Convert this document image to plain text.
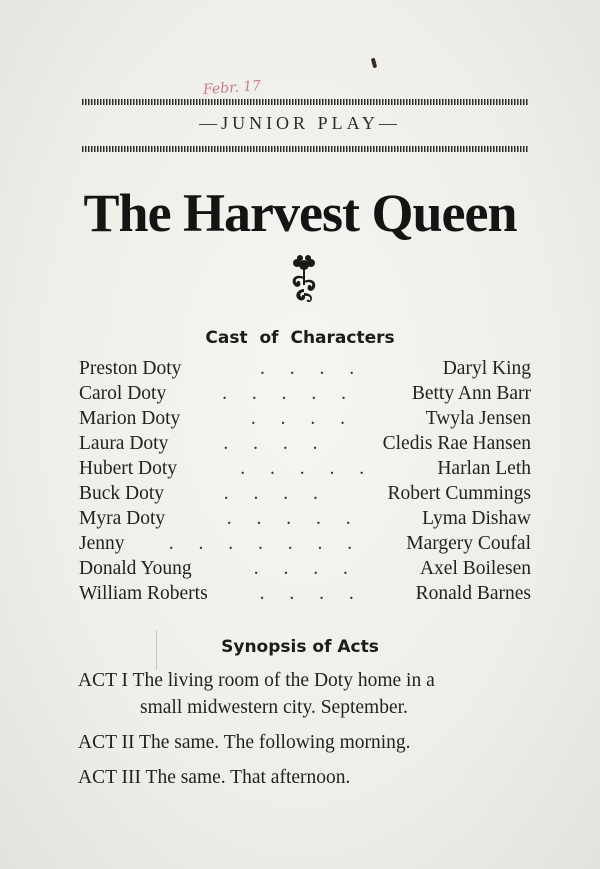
Febr. 17
—JUNIOR PLAY—
The Harvest Queen
Cast of Characters
Preston Doty	. . . .	Daryl King
Carol Doty	. . . . .	Betty Ann Barr
Marion Doty	. . . .	Twyla Jensen
Laura Doty	. . . .	Cledis Rae Hansen
Hubert Doty	. . . . .	Harlan Leth
Buck Doty	. . . .	Robert Cummings
Myra Doty	. . . . .	Lyma Dishaw
Jenny	. . . . . . .	Margery Coufal
Donald Young	. . . .	Axel Boilesen
William Roberts	. . . .	Ronald Barnes
Synopsis of Acts

ACT I The living room of the Doty home in a
small midwestern city. September.

ACT II The same. The following morning.

ACT III The same. That afternoon.
